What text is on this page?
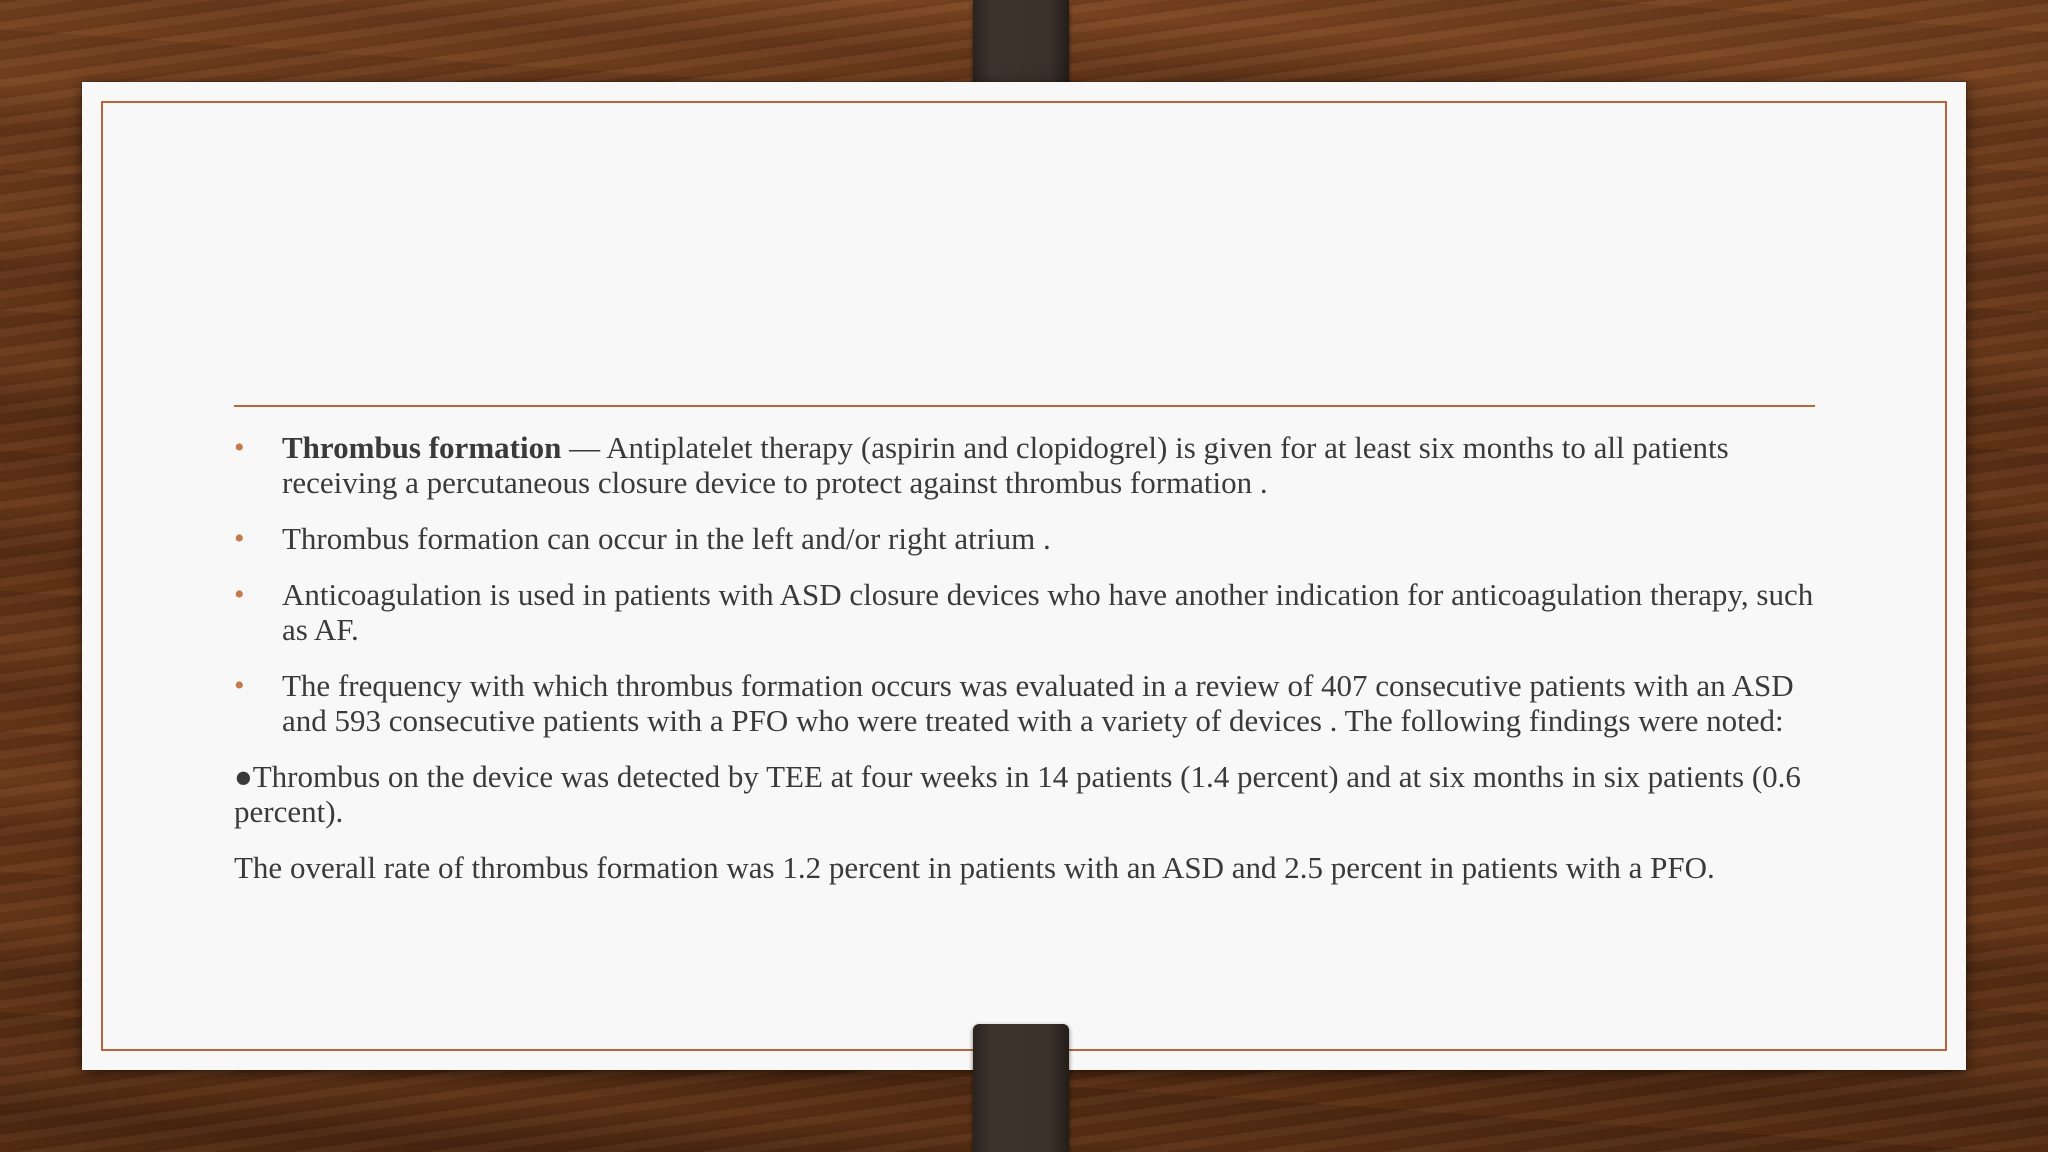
• Thrombus formation — Antiplatelet therapy (aspirin and clopidogrel) is given for at least six months to all patients receiving a percutaneous closure device to protect against thrombus formation .
• Thrombus formation can occur in the left and/or right atrium .
• Anticoagulation is used in patients with ASD closure devices who have another indication for anticoagulation therapy, such as AF.
• The frequency with which thrombus formation occurs was evaluated in a review of 407 consecutive patients with an ASD and 593 consecutive patients with a PFO who were treated with a variety of devices . The following findings were noted:
●Thrombus on the device was detected by TEE at four weeks in 14 patients (1.4 percent) and at six months in six patients (0.6 percent).
The overall rate of thrombus formation was 1.2 percent in patients with an ASD and 2.5 percent in patients with a PFO.
